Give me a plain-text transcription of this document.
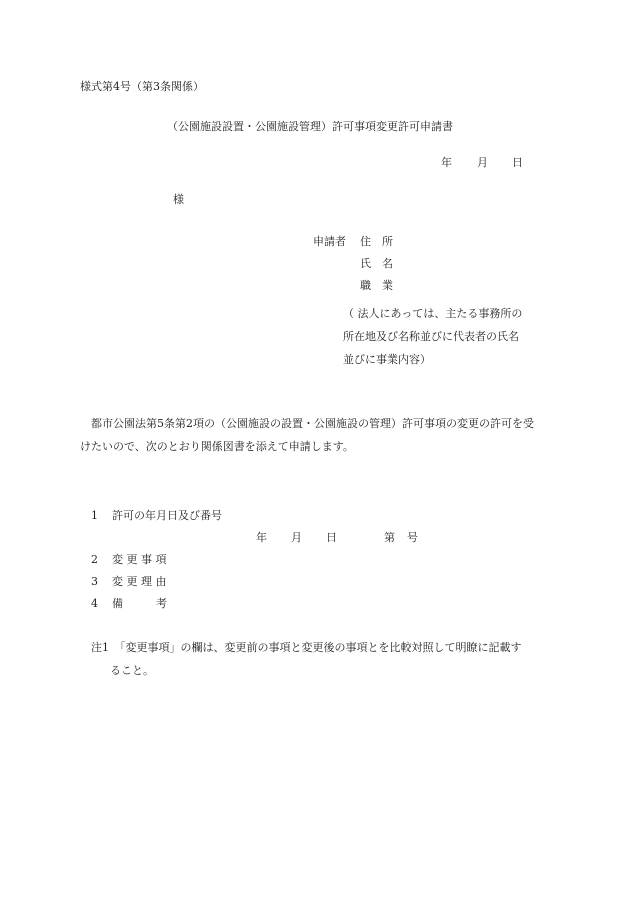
様式第4号（第3条関係）
（公園施設設置・公園施設管理）許可事項変更許可申請書
年 月 日
様
申請者 住　所
氏　名
職　業
（ 法人にあっては、主たる事務所の
所在地及び名称並びに代表者の氏名
並びに事業内容）
都市公園法第5条第2項の（公園施設の設置・公園施設の管理）許可事項の変更の許可を受
けたいので、次のとおり関係図書を添えて申請します。
1 許可の年月日及び番号
年 月 日	第 号
2 変 更 事 項
3 変 更 理 由
4 備　　　考
注1　「変更事項」の欄は、変更前の事項と変更後の事項とを比較対照して明瞭に記載す
ること。
